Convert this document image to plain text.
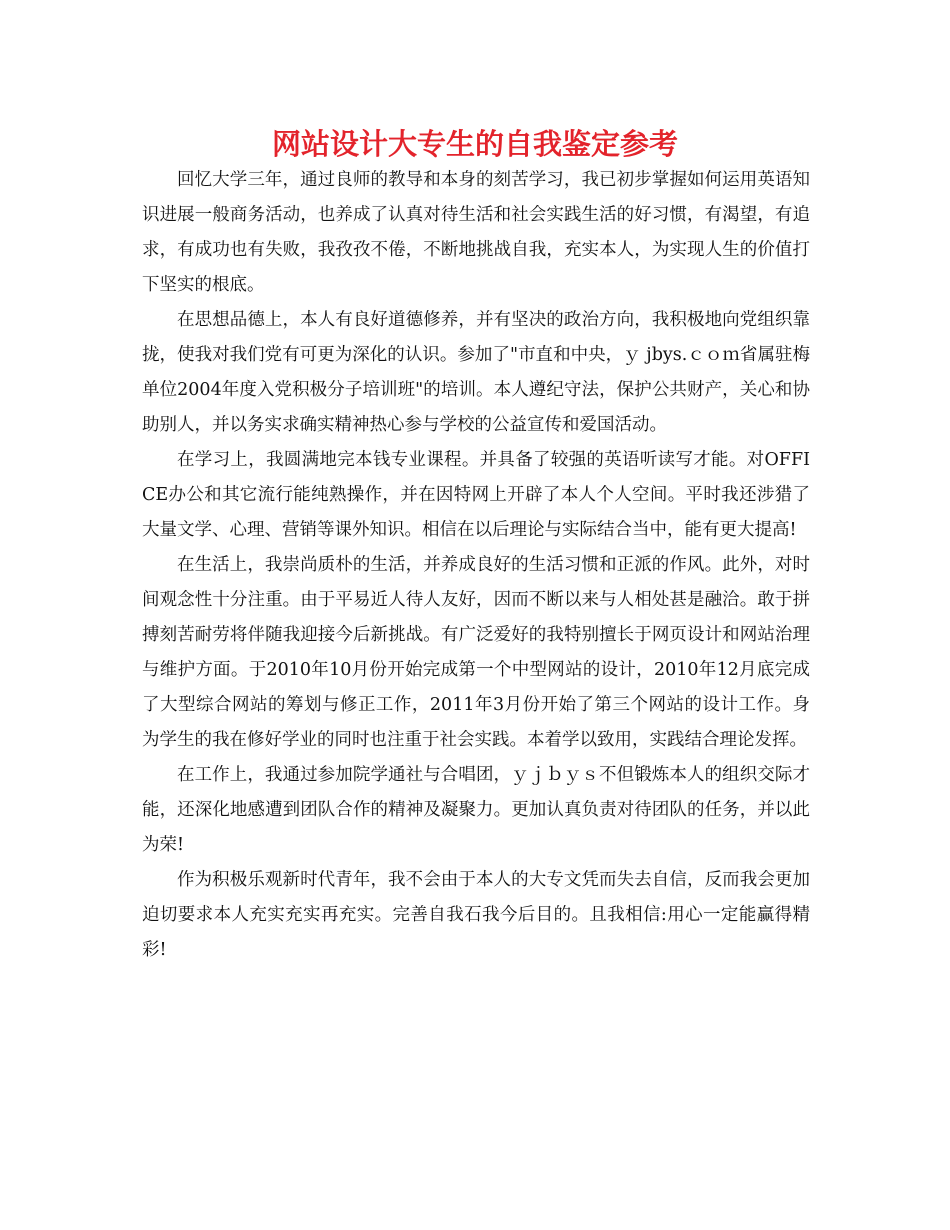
网站设计大专生的自我鉴定参考

回忆大学三年，通过良师的教导和本身的刻苦学习，我已初步掌握如何运用英语知识进展一般商务活动，也养成了认真对待生活和社会实践生活的好习惯，有渴望，有追求，有成功也有失败，我孜孜不倦，不断地挑战自我，充实本人，为实现人生的价值打下坚实的根底。

在思想品德上，本人有良好道德修养，并有坚决的政治方向，我积极地向党组织靠拢，使我对我们党有可更为深化的认识。参加了"市直和中央，ｙ jbys.ｃｏｍ省属驻梅单位2004年度入党积极分子培训班"的培训。本人遵纪守法，保护公共财产，关心和协助别人，并以务实求确实精神热心参与学校的公益宣传和爱国活动。

在学习上，我圆满地完本钱专业课程。并具备了较强的英语听读写才能。对OFFICE办公和其它流行能纯熟操作，并在因特网上开辟了本人个人空间。平时我还涉猎了大量文学、心理、营销等课外知识。相信在以后理论与实际结合当中，能有更大提高!

在生活上，我崇尚质朴的生活，并养成良好的生活习惯和正派的作风。此外，对时间观念性十分注重。由于平易近人待人友好，因而不断以来与人相处甚是融洽。敢于拼搏刻苦耐劳将伴随我迎接今后新挑战。有广泛爱好的我特别擅长于网页设计和网站治理与维护方面。于2010年10月份开始完成第一个中型网站的设计，2010年12月底完成了大型综合网站的筹划与修正工作，2011年3月份开始了第三个网站的设计工作。身为学生的我在修好学业的同时也注重于社会实践。本着学以致用，实践结合理论发挥。

在工作上，我通过参加院学通社与合唱团，ｙｊｂｙｓ不但锻炼本人的组织交际才能，还深化地感遭到团队合作的精神及凝聚力。更加认真负责对待团队的任务，并以此为荣!

作为积极乐观新时代青年，我不会由于本人的大专文凭而失去自信，反而我会更加迫切要求本人充实充实再充实。完善自我石我今后目的。且我相信:用心一定能赢得精彩!
